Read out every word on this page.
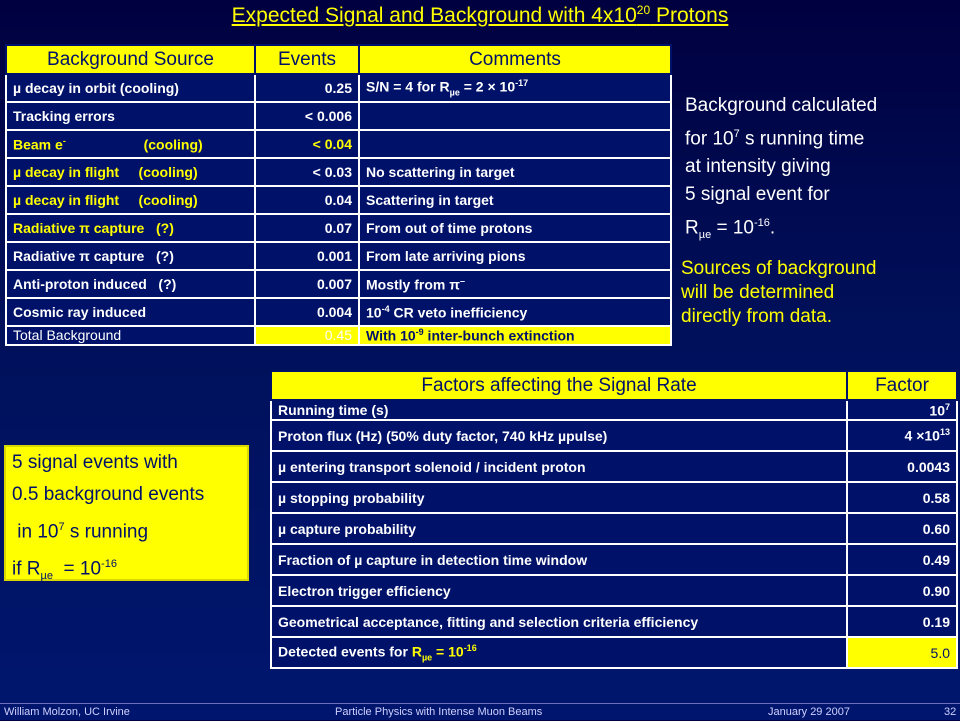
Expected Signal and Background with $4x10^{20}$ Protons
Background Source	Events	Comments
µ decay in orbit (cooling)	0.25	S/N = 4 for $R_{\mu e} = 2 \times 10^{-17}$
Tracking errors	< 0.006	
Beam e-                    (cooling)	< 0.04	
µ decay in flight     (cooling)	< 0.03	No scattering in target
µ decay in flight     (cooling)	0.04	Scattering in target
Radiative π capture   (?)	0.07	From out of time protons
Radiative π capture   (?)	0.001	From late arriving pions
Anti-proton induced   (?)	0.007	Mostly from π–
Cosmic ray induced	0.004	$10^{-4}$ CR veto inefficiency
Total Background	0.45	With $10^{-9}$ inter-bunch extinction
Background calculated
for $10^7$ s running time
at intensity giving
5 signal event for
$R_{\mu e} = 10^{-16}$.
Sources of background
will be determined
directly from data.
5 signal events with
0.5 background events
in $10^7$ s running
if $R_{\mu e} = 10^{-16}$
Factors affecting the Signal Rate	Factor
Running time (s)	$10^7$
Proton flux (Hz) (50% duty factor, 740 kHz µpulse)	$4 \times 10^{13}$
µ entering transport solenoid / incident proton	0.0043
µ stopping probability	0.58
µ capture probability	0.60
Fraction of µ capture in detection time window	0.49
Electron trigger efficiency	0.90
Geometrical acceptance, fitting and selection criteria efficiency	0.19
Detected events for $R_{\mu e} = 10^{-16}$	5.0
William Molzon, UC Irvine	Particle Physics with Intense Muon Beams	January 29 2007	32
